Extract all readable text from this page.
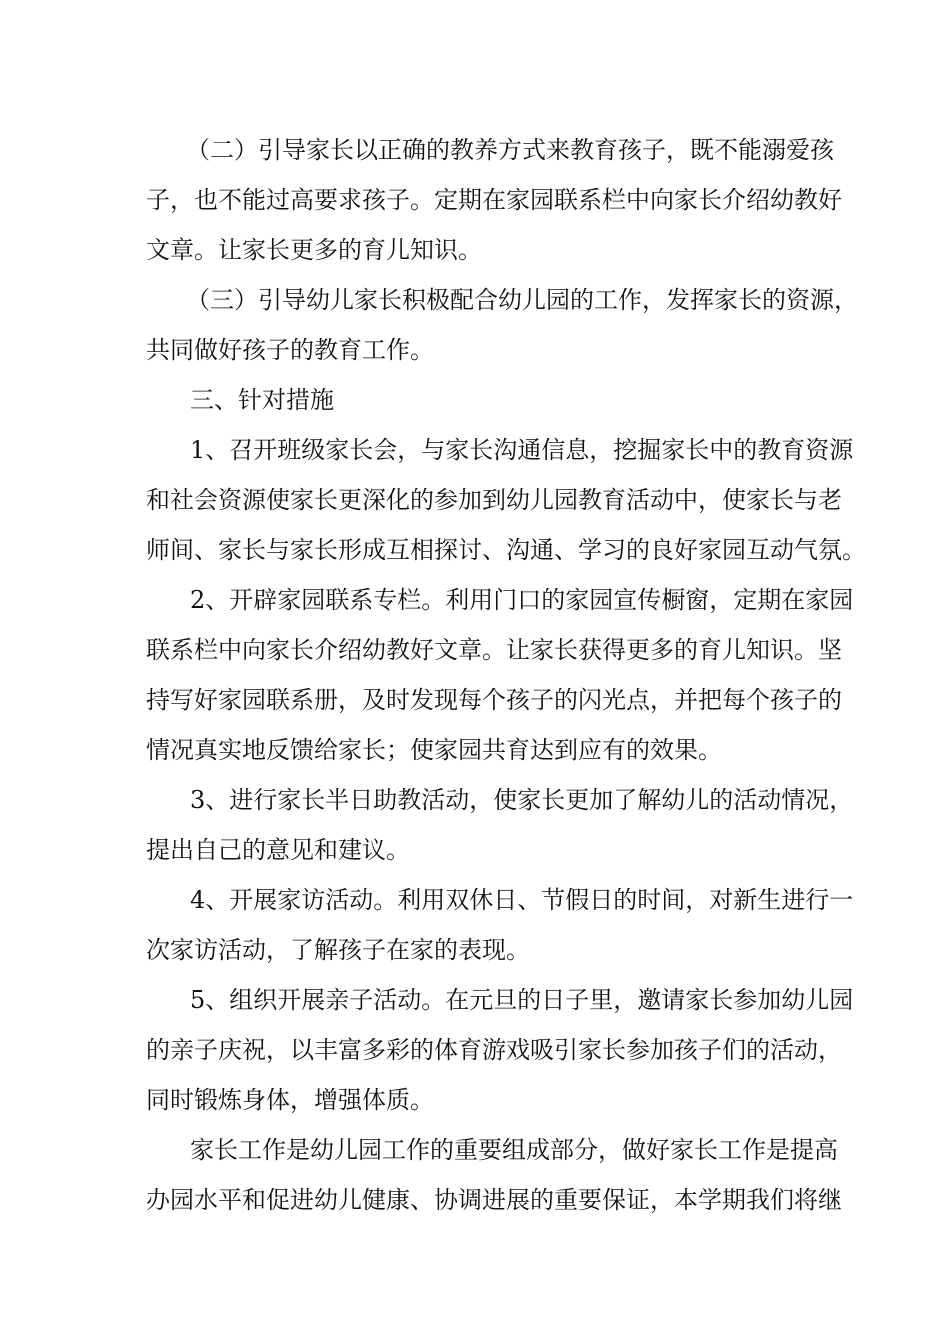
（二）引导家长以正确的教养方式来教育孩子，既不能溺爱孩

子，也不能过高要求孩子。定期在家园联系栏中向家长介绍幼教好

文章。让家长更多的育儿知识。

（三）引导幼儿家长积极配合幼儿园的工作，发挥家长的资源，

共同做好孩子的教育工作。

三、针对措施

1、召开班级家长会，与家长沟通信息，挖掘家长中的教育资源

和社会资源使家长更深化的参加到幼儿园教育活动中，使家长与老

师间、家长与家长形成互相探讨、沟通、学习的良好家园互动气氛。

2、开辟家园联系专栏。利用门口的家园宣传橱窗，定期在家园

联系栏中向家长介绍幼教好文章。让家长获得更多的育儿知识。坚

持写好家园联系册，及时发现每个孩子的闪光点，并把每个孩子的

情况真实地反馈给家长；使家园共育达到应有的效果。

3、进行家长半日助教活动，使家长更加了解幼儿的活动情况，

提出自己的意见和建议。

4、开展家访活动。利用双休日、节假日的时间，对新生进行一

次家访活动，了解孩子在家的表现。

5、组织开展亲子活动。在元旦的日子里，邀请家长参加幼儿园

的亲子庆祝，以丰富多彩的体育游戏吸引家长参加孩子们的活动，

同时锻炼身体，增强体质。

家长工作是幼儿园工作的重要组成部分，做好家长工作是提高

办园水平和促进幼儿健康、协调进展的重要保证，本学期我们将继
